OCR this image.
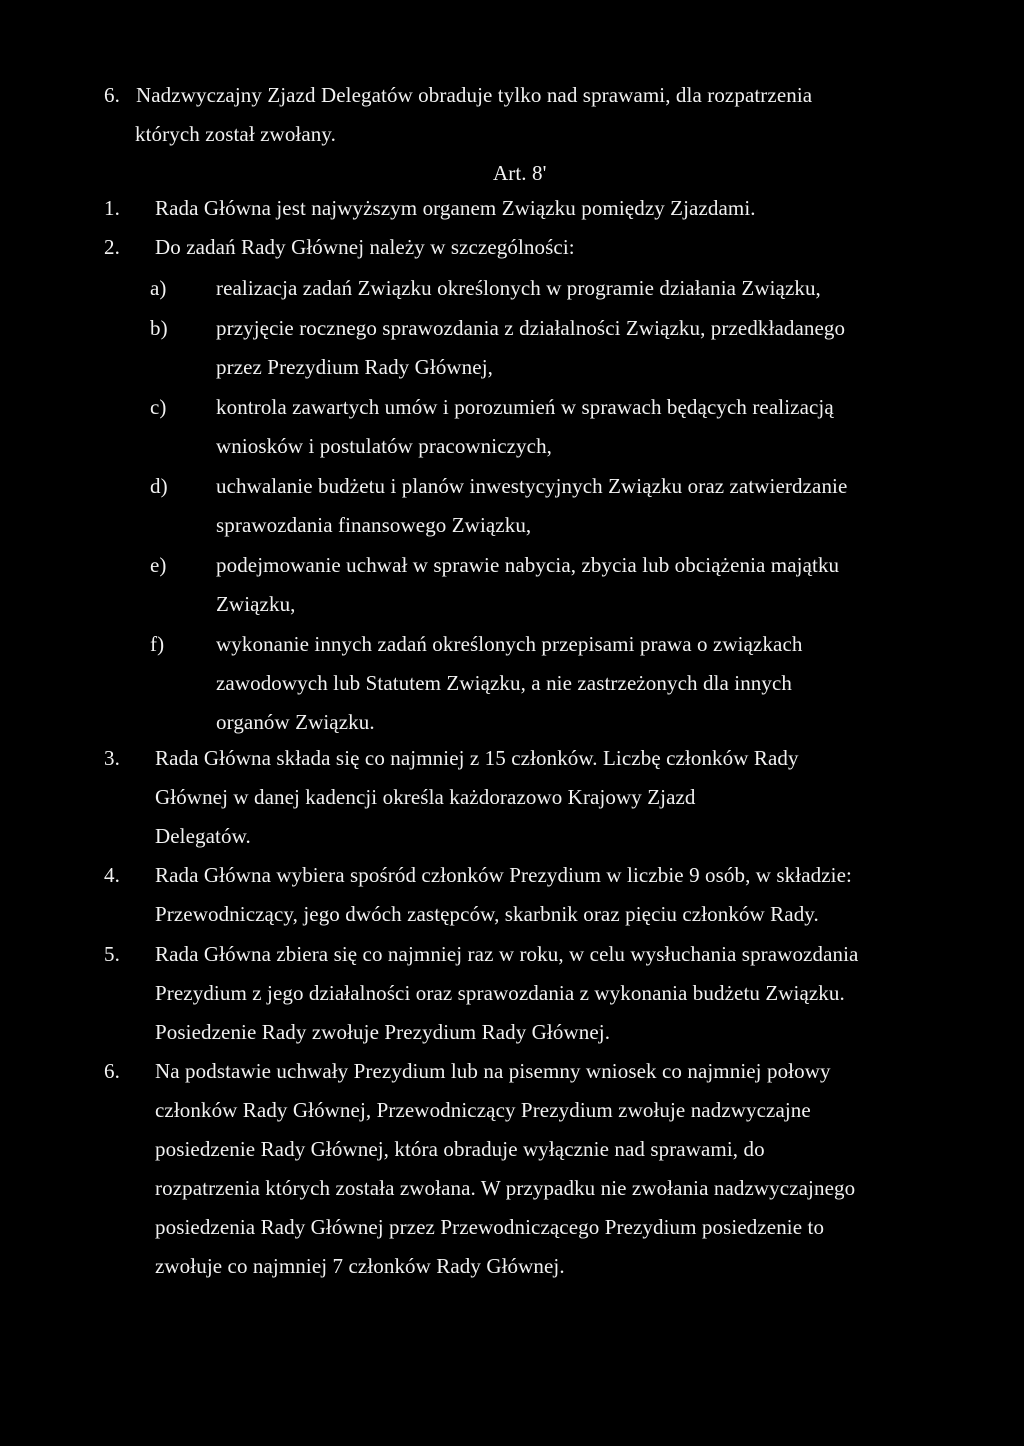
6. Nadzwyczajny Zjazd Delegatów obraduje tylko nad sprawami, dla rozpatrzenia
których został zwołany.
Art. 8'
1. Rada Główna jest najwyższym organem Związku pomiędzy Zjazdami.
2. Do zadań Rady Głównej należy w szczególności:
a) realizacja zadań Związku określonych w programie działania Związku,
b) przyjęcie rocznego sprawozdania z działalności Związku, przedkładanego
przez Prezydium Rady Głównej,
c) kontrola zawartych umów i porozumień w sprawach będących realizacją
wniosków i postulatów pracowniczych,
d) uchwalanie budżetu i planów inwestycyjnych Związku oraz zatwierdzanie
sprawozdania finansowego Związku,
e) podejmowanie uchwał w sprawie nabycia, zbycia lub obciążenia majątku
Związku,
f) wykonanie innych zadań określonych przepisami prawa o związkach
zawodowych lub Statutem Związku, a nie zastrzeżonych dla innych
organów Związku.
3. Rada Główna składa się co najmniej z 15 członków. Liczbę członków Rady
Głównej w danej kadencji określa każdorazowo Krajowy Zjazd
Delegatów.
4. Rada Główna wybiera spośród członków Prezydium w liczbie 9 osób, w składzie:
Przewodniczący, jego dwóch zastępców, skarbnik oraz pięciu członków Rady.
5. Rada Główna zbiera się co najmniej raz w roku, w celu wysłuchania sprawozdania
Prezydium z jego działalności oraz sprawozdania z wykonania budżetu Związku.
Posiedzenie Rady zwołuje Prezydium Rady Głównej.
6. Na podstawie uchwały Prezydium lub na pisemny wniosek co najmniej połowy
członków Rady Głównej, Przewodniczący Prezydium zwołuje nadzwyczajne
posiedzenie Rady Głównej, która obraduje wyłącznie nad sprawami, do
rozpatrzenia których została zwołana. W przypadku nie zwołania nadzwyczajnego
posiedzenia Rady Głównej przez Przewodniczącego Prezydium posiedzenie to
zwołuje co najmniej 7 członków Rady Głównej.
